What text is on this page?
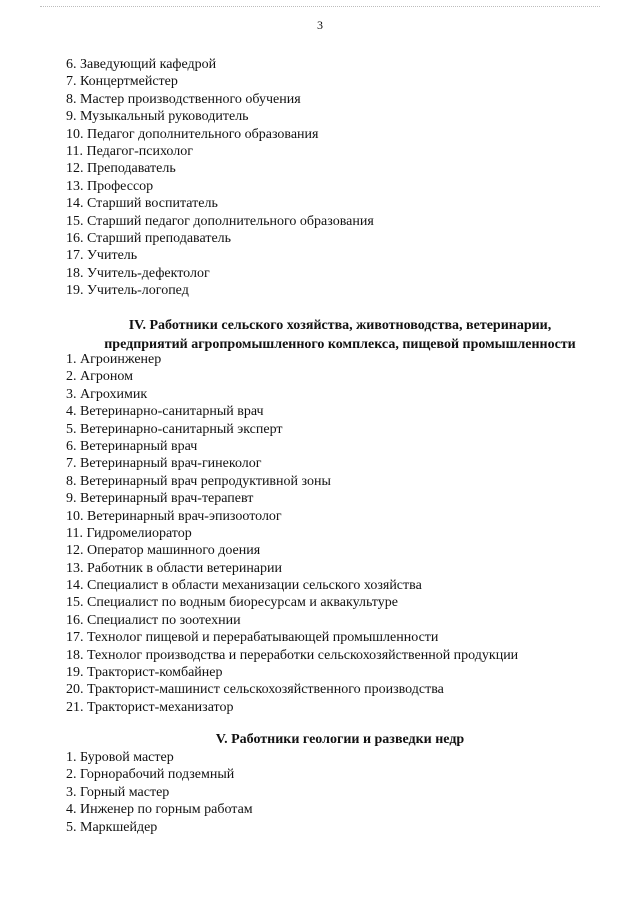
3
6. Заведующий кафедрой
7. Концертмейстер
8. Мастер производственного обучения
9. Музыкальный руководитель
10. Педагог дополнительного образования
11. Педагог-психолог
12. Преподаватель
13. Профессор
14. Старший воспитатель
15. Старший педагог дополнительного образования
16. Старший преподаватель
17. Учитель
18. Учитель-дефектолог
19. Учитель-логопед
IV. Работники сельского хозяйства, животноводства, ветеринарии,
предприятий агропромышленного комплекса, пищевой промышленности
1. Агроинженер
2. Агроном
3. Агрохимик
4. Ветеринарно-санитарный врач
5. Ветеринарно-санитарный эксперт
6. Ветеринарный врач
7. Ветеринарный врач-гинеколог
8. Ветеринарный врач репродуктивной зоны
9. Ветеринарный врач-терапевт
10. Ветеринарный врач-эпизоотолог
11. Гидромелиоратор
12. Оператор машинного доения
13. Работник в области ветеринарии
14. Специалист в области механизации сельского хозяйства
15. Специалист по водным биоресурсам и аквакультуре
16. Специалист по зоотехнии
17. Технолог пищевой и перерабатывающей промышленности
18. Технолог производства и переработки сельскохозяйственной продукции
19. Тракторист-комбайнер
20. Тракторист-машинист сельскохозяйственного производства
21. Тракторист-механизатор
V. Работники геологии и разведки недр
1. Буровой мастер
2. Горнорабочий подземный
3. Горный мастер
4. Инженер по горным работам
5. Маркшейдер
